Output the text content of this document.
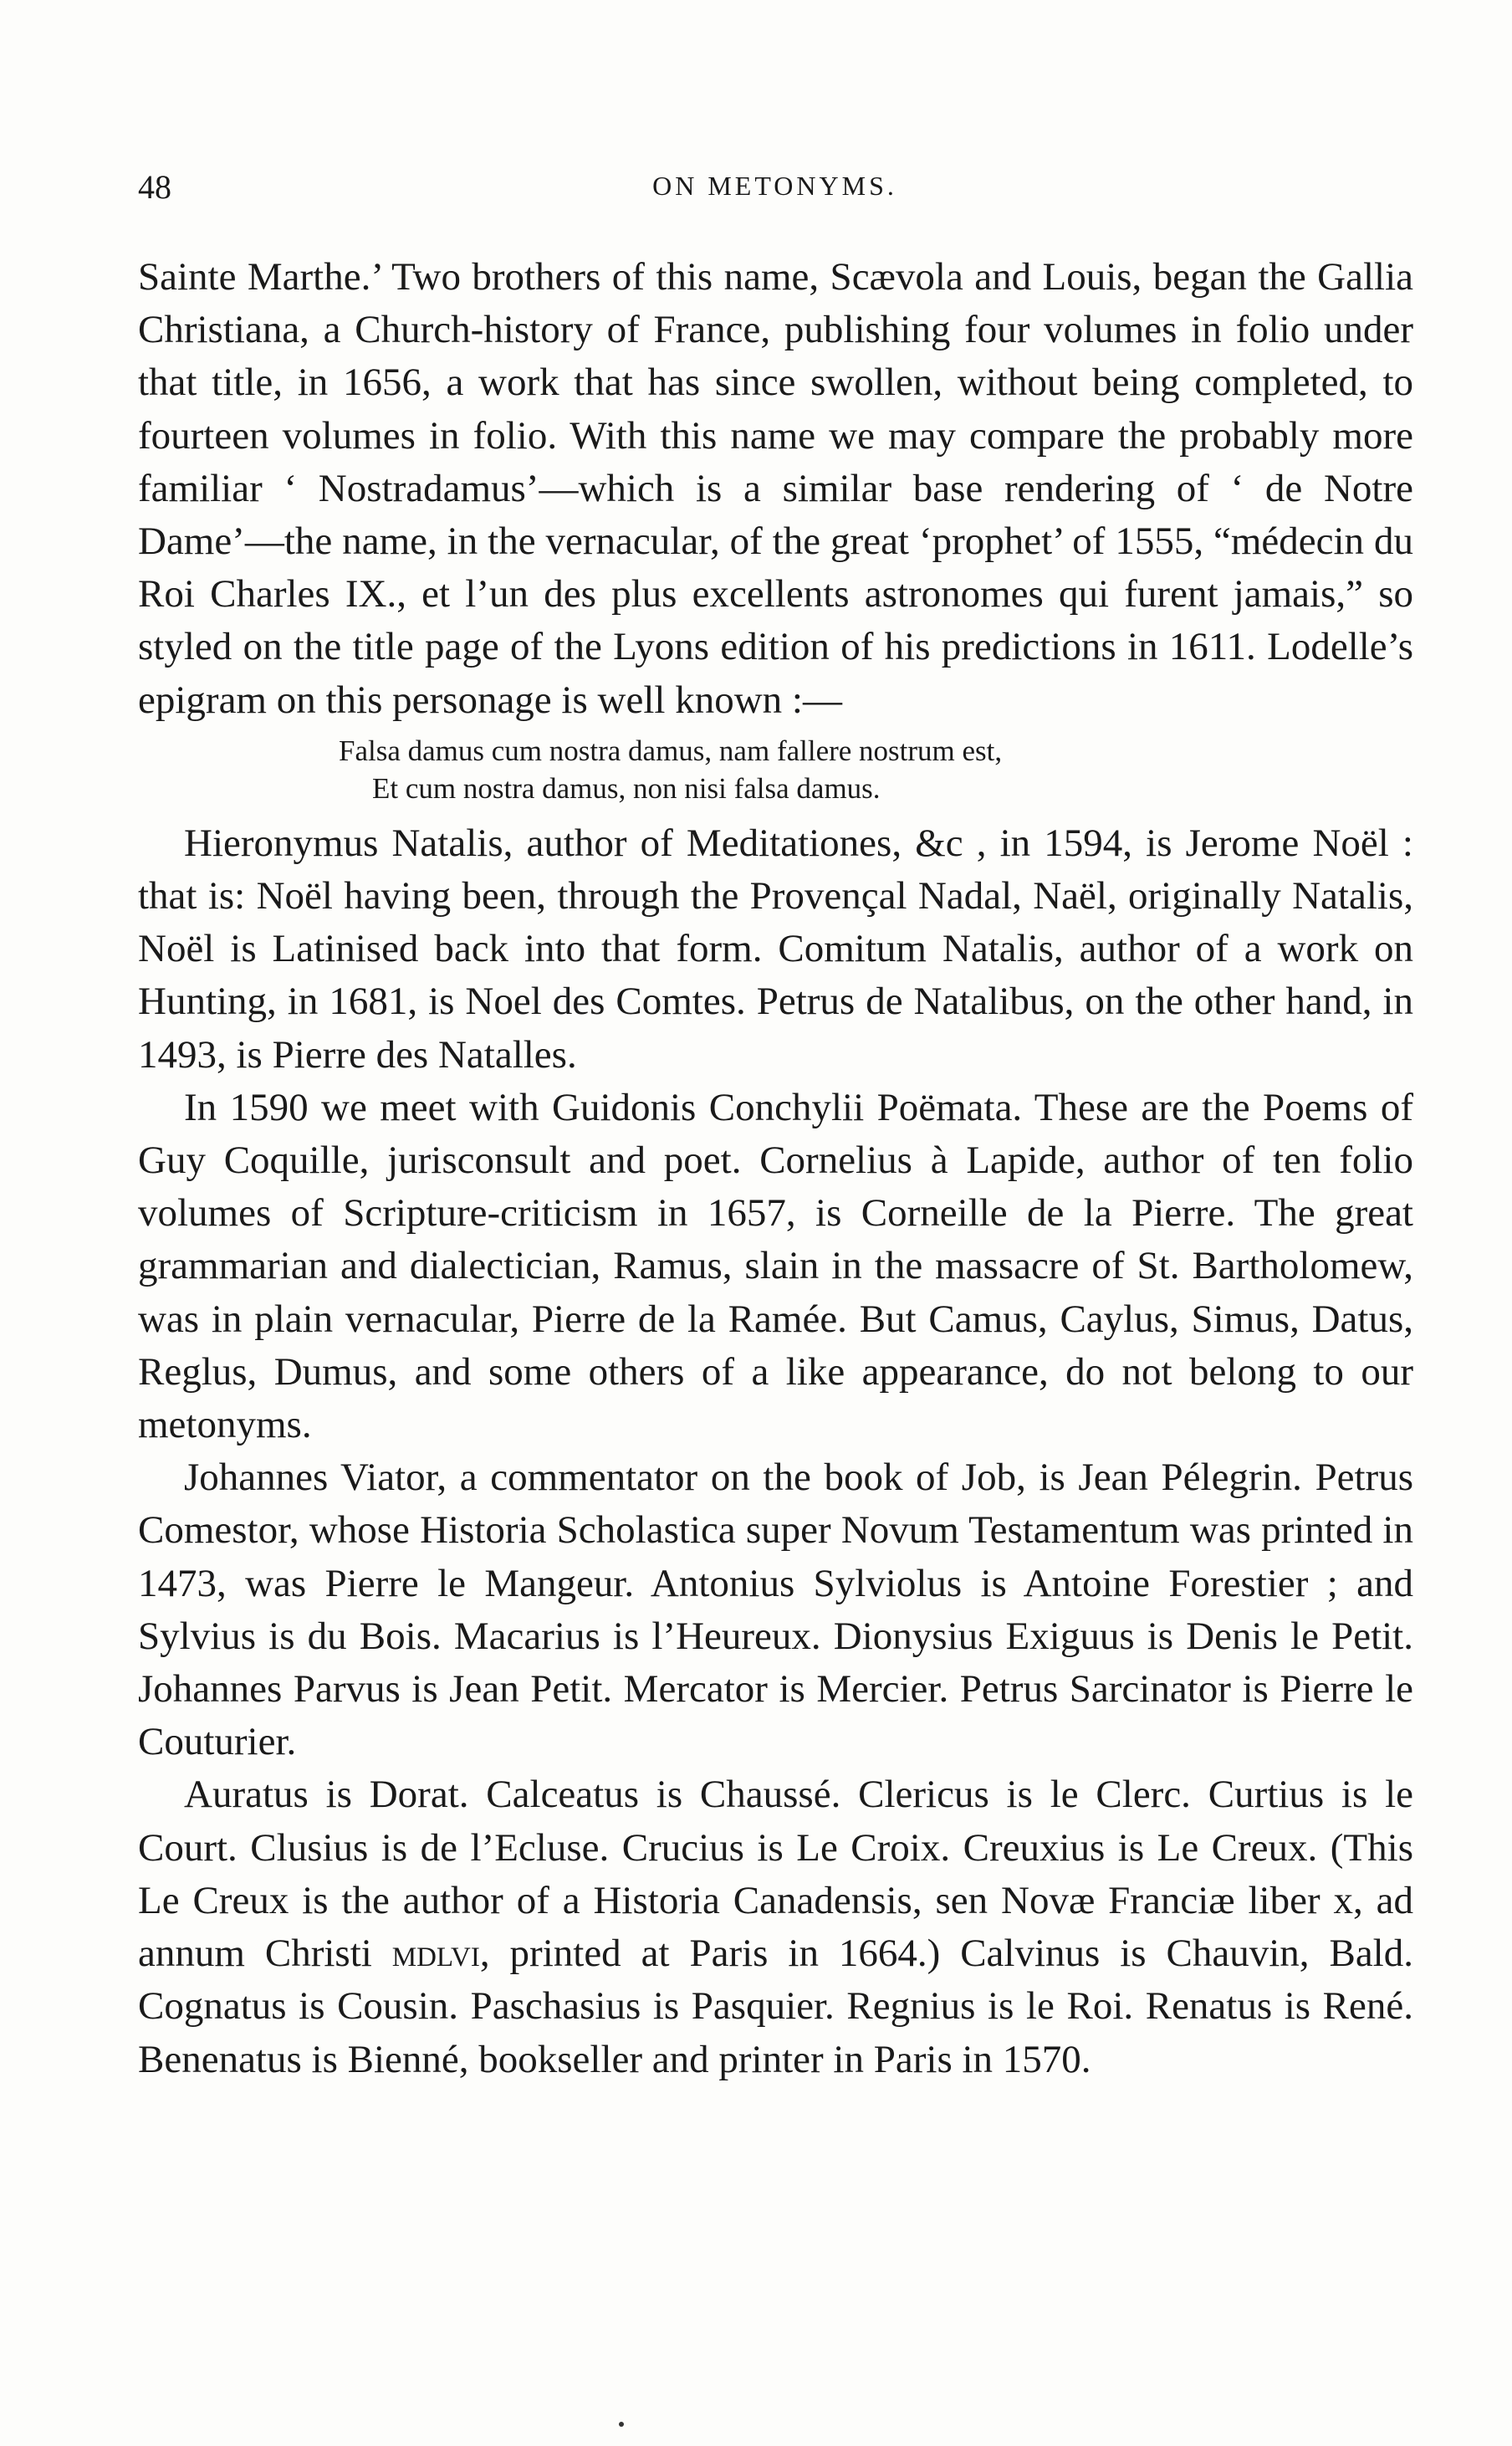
48	ON METONYMS.

Sainte Marthe.’ Two brothers of this name, Scævola and Louis, began the Gallia Christiana, a Church-history of France, publishing four volumes in folio under that title, in 1656, a work that has since swollen, without being completed, to fourteen volumes in folio. With this name we may compare the probably more familiar ‘ Nostradamus’—which is a similar base rendering of ‘ de Notre Dame’—the name, in the vernacular, of the great ‘prophet’ of 1555, “médecin du Roi Charles IX., et l’un des plus excellents astronomes qui furent jamais,” so styled on the title page of the Lyons edition of his predictions in 1611. Lodelle’s epigram on this personage is well known :—

Falsa damus cum nostra damus, nam fallere nostrum est,
Et cum nostra damus, non nisi falsa damus.

Hieronymus Natalis, author of Meditationes, &c , in 1594, is Jerome Noël : that is: Noël having been, through the Provençal Nadal, Naël, originally Natalis, Noël is Latinised back into that form. Comitum Natalis, author of a work on Hunting, in 1681, is Noel des Comtes. Petrus de Natalibus, on the other hand, in 1493, is Pierre des Natalles.

In 1590 we meet with Guidonis Conchylii Poëmata. These are the Poems of Guy Coquille, jurisconsult and poet. Cornelius à Lapide, author of ten folio volumes of Scripture-criticism in 1657, is Corneille de la Pierre. The great grammarian and dialectician, Ramus, slain in the massacre of St. Bartholomew, was in plain vernacular, Pierre de la Ramée. But Camus, Caylus, Simus, Datus, Reglus, Dumus, and some others of a like appearance, do not belong to our metonyms.

Johannes Viator, a commentator on the book of Job, is Jean Pélegrin. Petrus Comestor, whose Historia Scholastica super Novum Testamentum was printed in 1473, was Pierre le Mangeur. Antonius Sylviolus is Antoine Forestier ; and Sylvius is du Bois. Macarius is l’Heureux. Dionysius Exiguus is Denis le Petit. Johannes Parvus is Jean Petit. Mercator is Mercier. Petrus Sarcinator is Pierre le Couturier.

Auratus is Dorat. Calceatus is Chaussé. Clericus is le Clerc. Curtius is le Court. Clusius is de l’Ecluse. Crucius is Le Croix. Creuxius is Le Creux. (This Le Creux is the author of a Historia Canadensis, sen Novæ Franciæ liber x, ad annum Christi mdlvi, printed at Paris in 1664.) Calvinus is Chauvin, Bald. Cognatus is Cousin. Paschasius is Pasquier. Regnius is le Roi. Renatus is René. Benenatus is Bienné, bookseller and printer in Paris in 1570.
